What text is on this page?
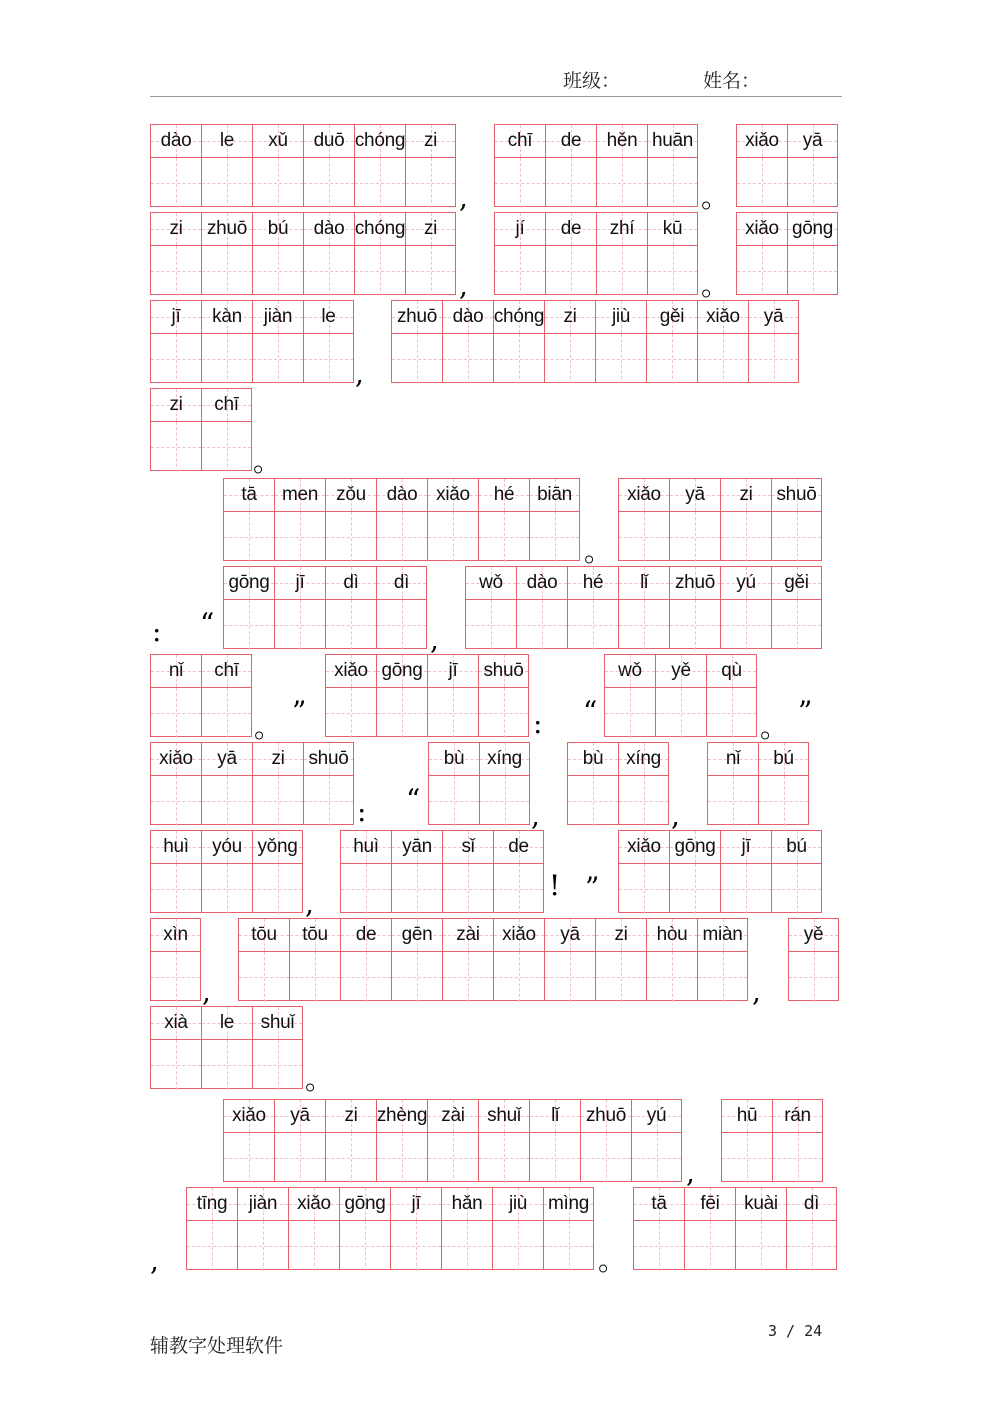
班级：	姓名：
dào	le	xǔ	duō chóng zi	chī	de	hěn huān	xiǎo	yā
,	。
zi	zhuō	bú	dào chóng zi	jí	de	zhí	kū	xiǎo gōng
,	。
jī	kàn	jiàn	le	zhuō dào chóng	zi	jiù	gěi	xiǎo	yā
,
zi	chī
。
tā	men zǒu	dào xiǎo	hé	biān	xiǎo	yā	zi	shuō
。
gōng	jī	dì	dì	wǒ	dào	hé	lǐ	zhuō	yú	gěi
: “	,
nǐ	chī	xiǎo gōng	jī	shuō	wǒ	yě	qù
。 ”	: “	。 ”
xiǎo	yā	zi	shuō	bù	xíng	bù	xíng	nǐ	bú
: “	,	,
huì	yóu yǒng	huì	yān	sǐ	de	xiǎo gōng	jī	bú
,
! ”
xìn	tōu	tōu	de	gēn	zài	xiǎo	yā	zi	hòu miàn	yě
,	,
xià	le	shuǐ
。
xiǎo	yā	zi	zhèng zài	shuǐ	lǐ	zhuō	yú	hū	rán
,
tīng	jiàn	xiǎo gōng	jī	hǎn	jiù	mìng	tā	fēi	kuài	dì
,	。
辅教字处理软件
3 / 24
